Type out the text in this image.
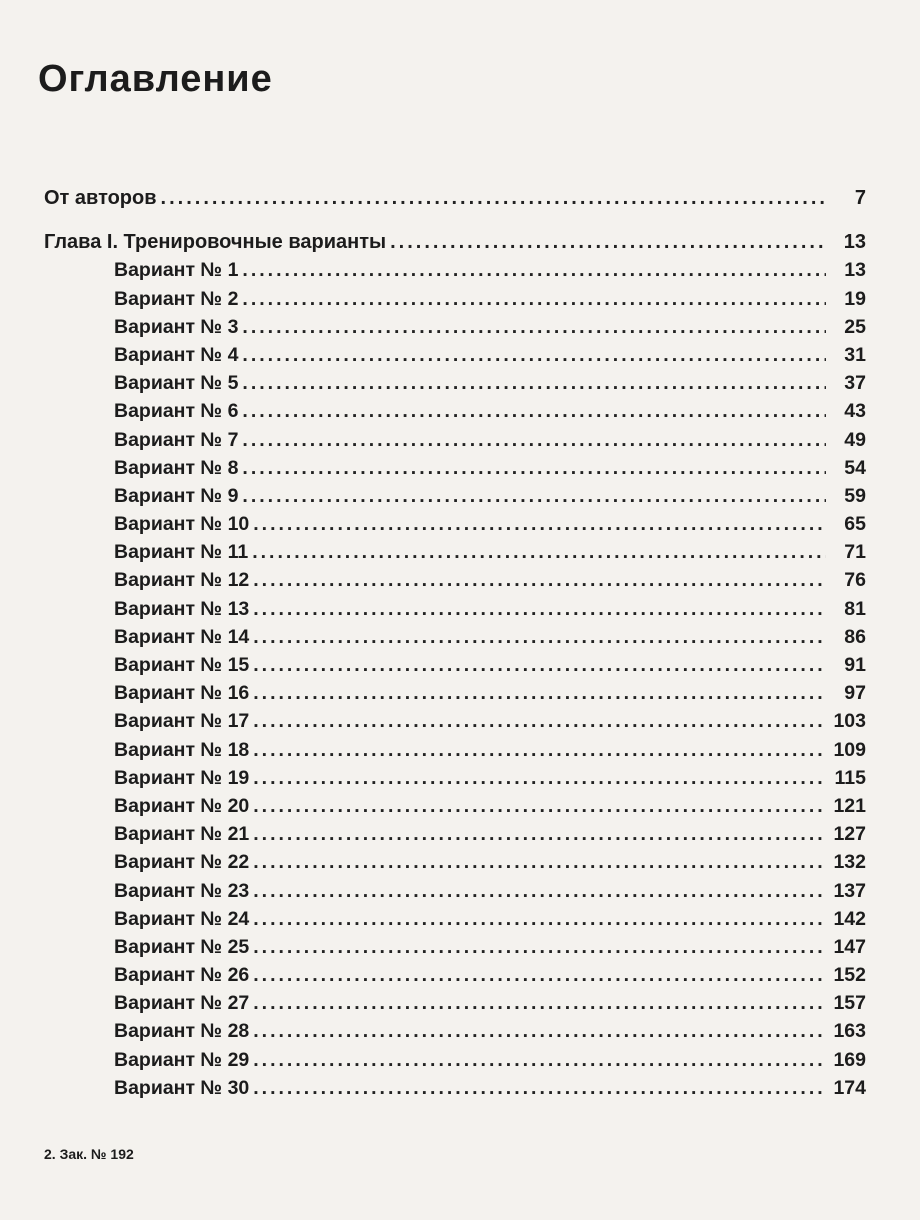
Оглавление
От авторов .....	7
Глава I. Тренировочные варианты .....	13
Вариант № 1 .....	13
Вариант № 2 .....	19
Вариант № 3 .....	25
Вариант № 4 .....	31
Вариант № 5 .....	37
Вариант № 6 .....	43
Вариант № 7 .....	49
Вариант № 8 .....	54
Вариант № 9 .....	59
Вариант № 10 .....	65
Вариант № 11 .....	71
Вариант № 12 .....	76
Вариант № 13 .....	81
Вариант № 14 .....	86
Вариант № 15 .....	91
Вариант № 16 .....	97
Вариант № 17 .....	103
Вариант № 18 .....	109
Вариант № 19 .....	115
Вариант № 20 .....	121
Вариант № 21 .....	127
Вариант № 22 .....	132
Вариант № 23 .....	137
Вариант № 24 .....	142
Вариант № 25 .....	147
Вариант № 26 .....	152
Вариант № 27 .....	157
Вариант № 28 .....	163
Вариант № 29 .....	169
Вариант № 30 .....	174
2. Зак. № 192
